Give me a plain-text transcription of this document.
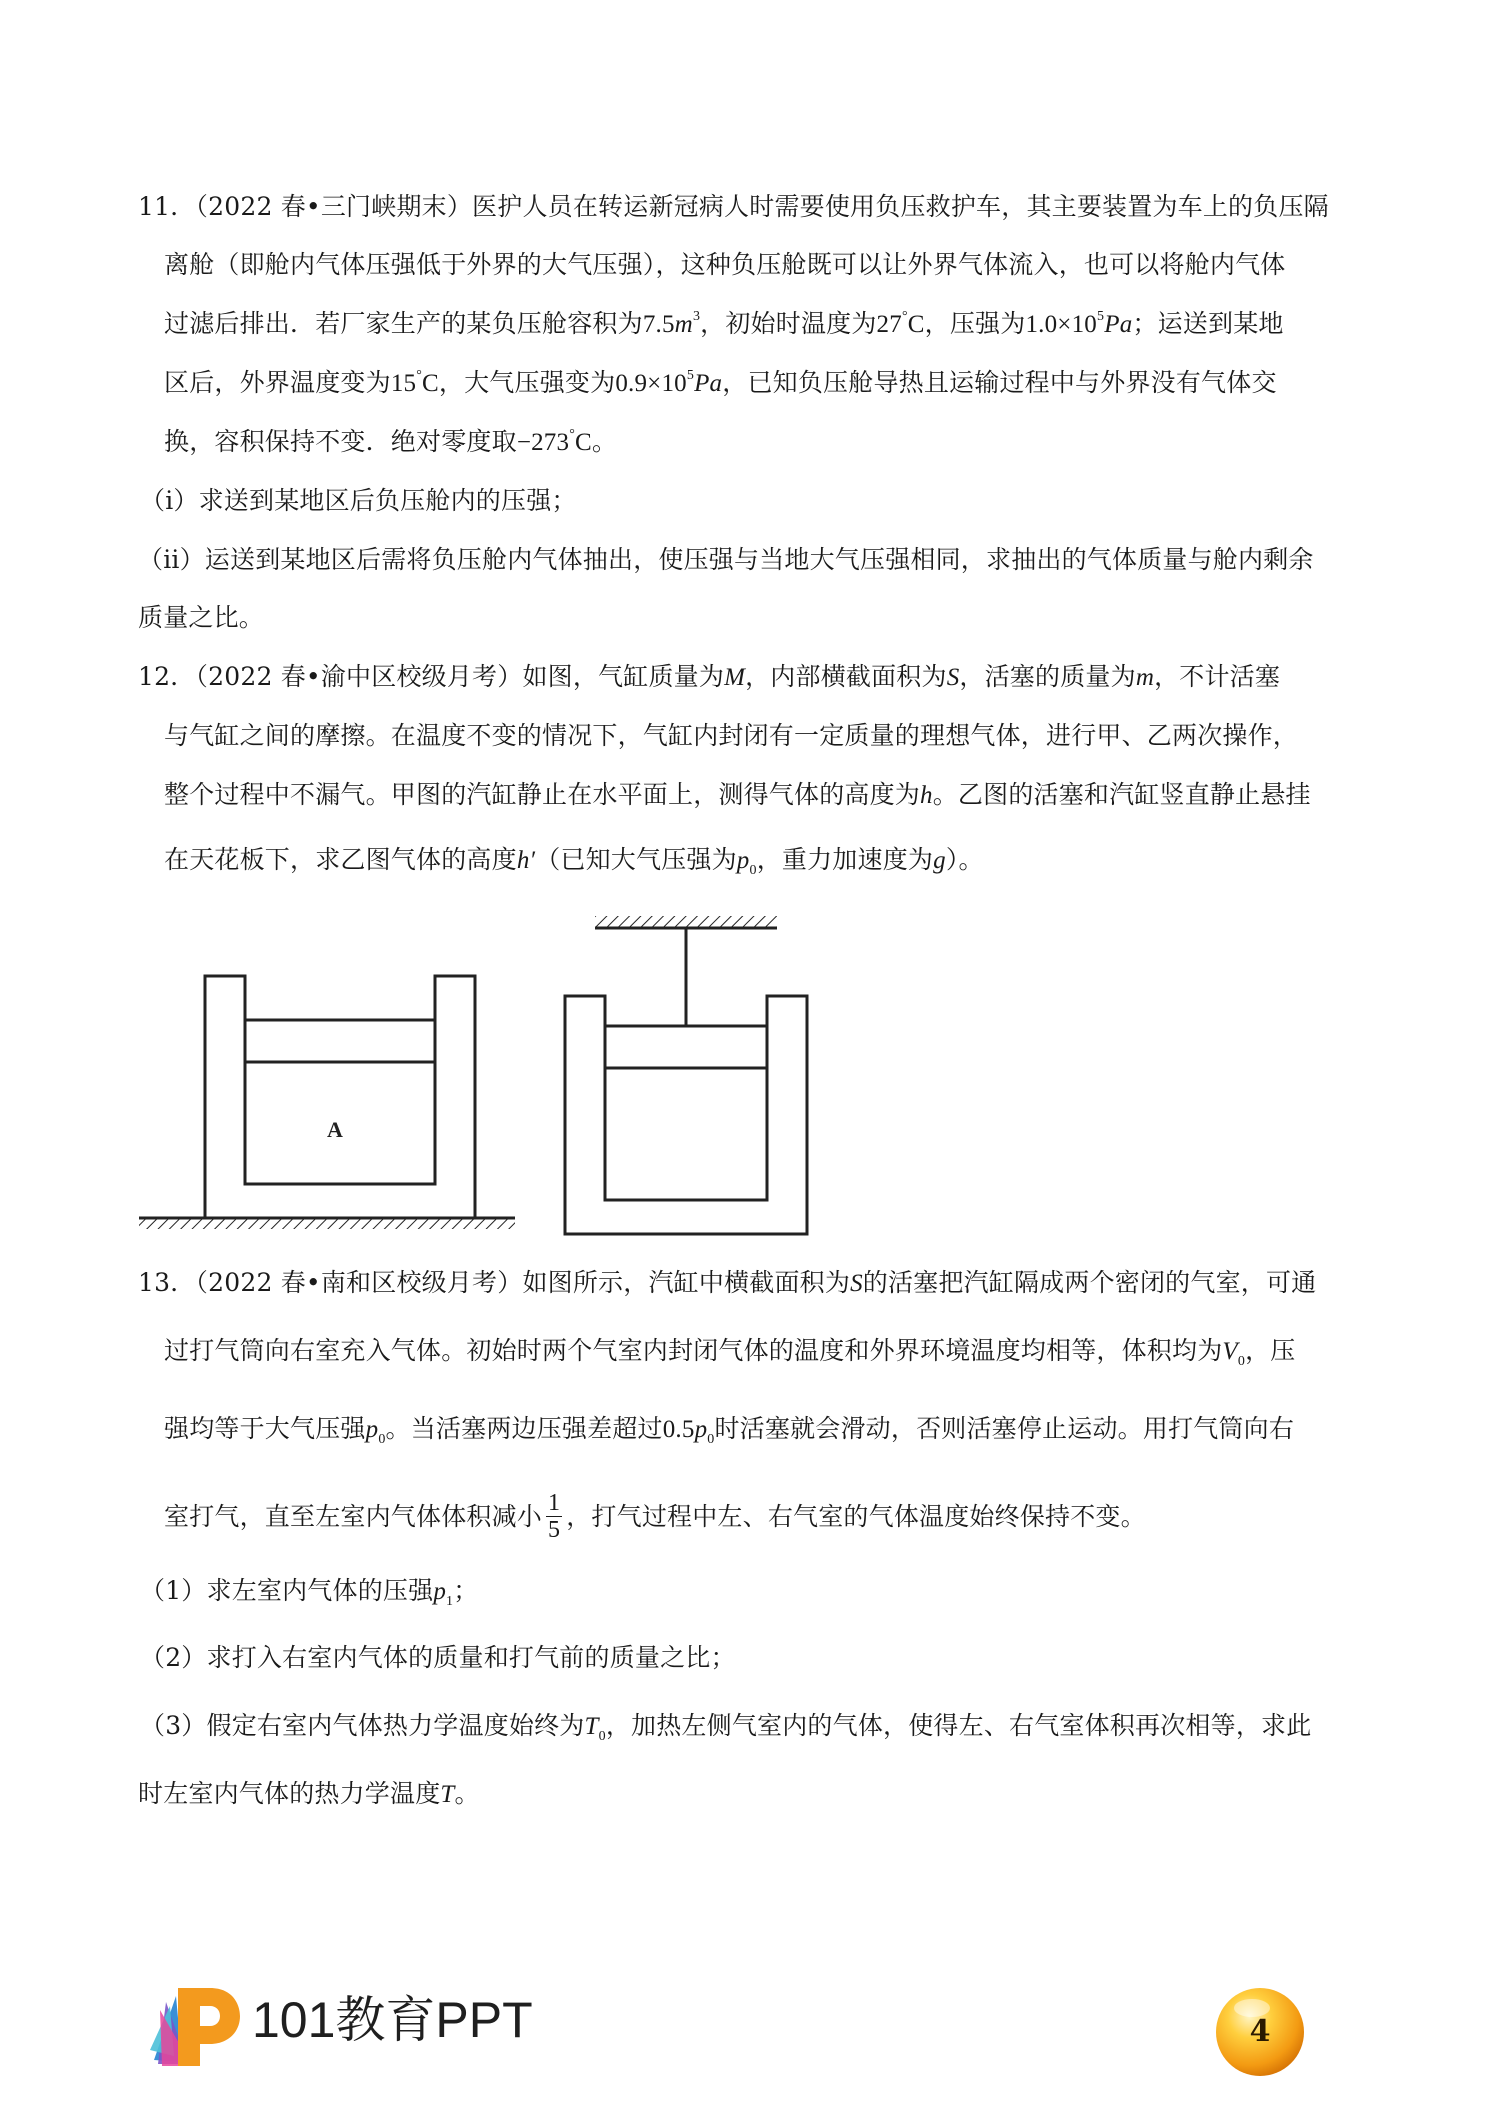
11．（2022 春•三门峡期末）医护人员在转运新冠病人时需要使用负压救护车，其主要装置为车上的负压隔
离舱（即舱内气体压强低于外界的大气压强），这种负压舱既可以让外界气体流入，也可以将舱内气体
过滤后排出．若厂家生产的某负压舱容积为$7.5m^3$，初始时温度为27°C，压强为$1.0\times 10^5Pa$；运送到某地
区后，外界温度变为15°C，大气压强变为$0.9\times 10^5Pa$，已知负压舱导热且运输过程中与外界没有气体交
换，容积保持不变．绝对零度取−273°C。
（i）求送到某地区后负压舱内的压强；
（ii）运送到某地区后需将负压舱内气体抽出，使压强与当地大气压强相同，求抽出的气体质量与舱内剩余
质量之比。
12．（2022 春•渝中区校级月考）如图，气缸质量为M，内部横截面积为S，活塞的质量为m，不计活塞
与气缸之间的摩擦。在温度不变的情况下，气缸内封闭有一定质量的理想气体，进行甲、乙两次操作，
整个过程中不漏气。甲图的汽缸静止在水平面上，测得气体的高度为h。乙图的活塞和汽缸竖直静止悬挂
在天花板下，求乙图气体的高度h′（已知大气压强为$p_0$，重力加速度为g）。
A
13．（2022 春•南和区校级月考）如图所示，汽缸中横截面积为S的活塞把汽缸隔成两个密闭的气室，可通
过打气筒向右室充入气体。初始时两个气室内封闭气体的温度和外界环境温度均相等，体积均为$V_0$，压
强均等于大气压强$p_0$。当活塞两边压强差超过$0.5p_0$时活塞就会滑动，否则活塞停止运动。用打气筒向右
室打气，直至左室内气体体积减小 $\frac{1}{5}$ ，打气过程中左、右气室的气体温度始终保持不变。
（1）求左室内气体的压强$p_1$；
（2）求打入右室内气体的质量和打气前的质量之比；
（3）假定右室内气体热力学温度始终为$T_0$，加热左侧气室内的气体，使得左、右气室体积再次相等，求此
时左室内气体的热力学温度T。
101教育PPT	4
